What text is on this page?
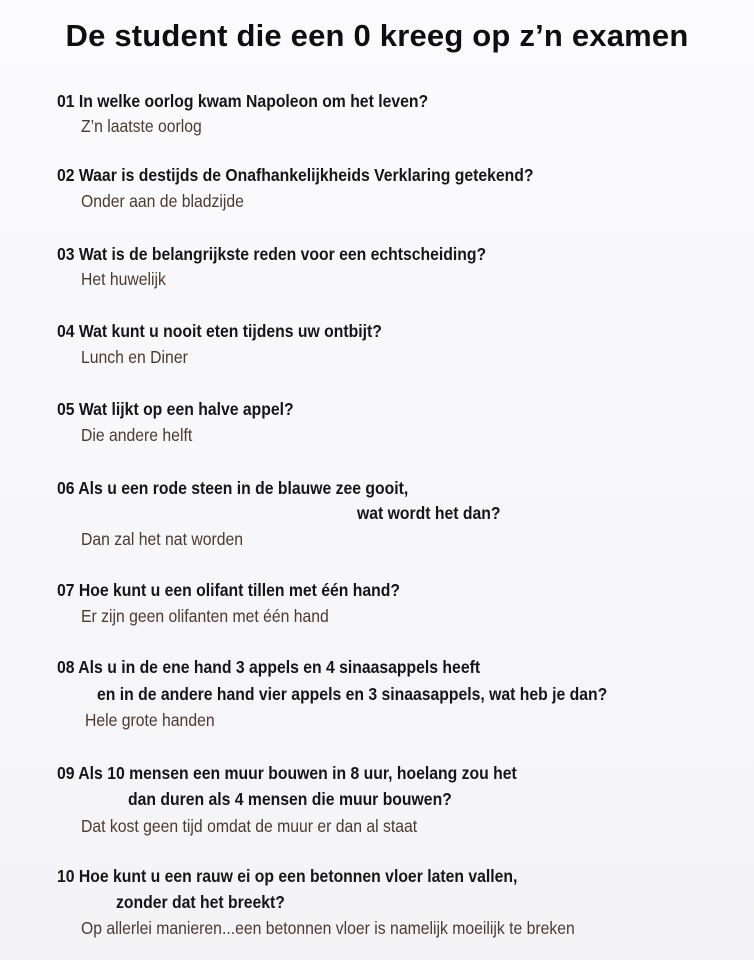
De student die een 0 kreeg op z’n examen
01 In welke oorlog kwam Napoleon om het leven?
Z’n laatste oorlog
02 Waar is destijds de Onafhankelijkheids Verklaring getekend?
Onder aan de bladzijde
03 Wat is de belangrijkste reden voor een echtscheiding?
Het huwelijk
04 Wat kunt u nooit eten tijdens uw ontbijt?
Lunch en Diner
05 Wat lijkt op een halve appel?
Die andere helft
06 Als u een rode steen in de blauwe zee gooit,
wat wordt het dan?
Dan zal het nat worden
07 Hoe kunt u een olifant tillen met één hand?
Er zijn geen olifanten met één hand
08 Als u in de ene hand 3 appels en 4 sinaasappels heeft
en in de andere hand vier appels en 3 sinaasappels, wat heb je dan?
Hele grote handen
09 Als 10 mensen een muur bouwen in 8 uur, hoelang zou het
dan duren als 4 mensen die muur bouwen?
Dat kost geen tijd omdat de muur er dan al staat
10 Hoe kunt u een rauw ei op een betonnen vloer laten vallen,
zonder dat het breekt?
Op allerlei manieren...een betonnen vloer is namelijk moeilijk te breken
